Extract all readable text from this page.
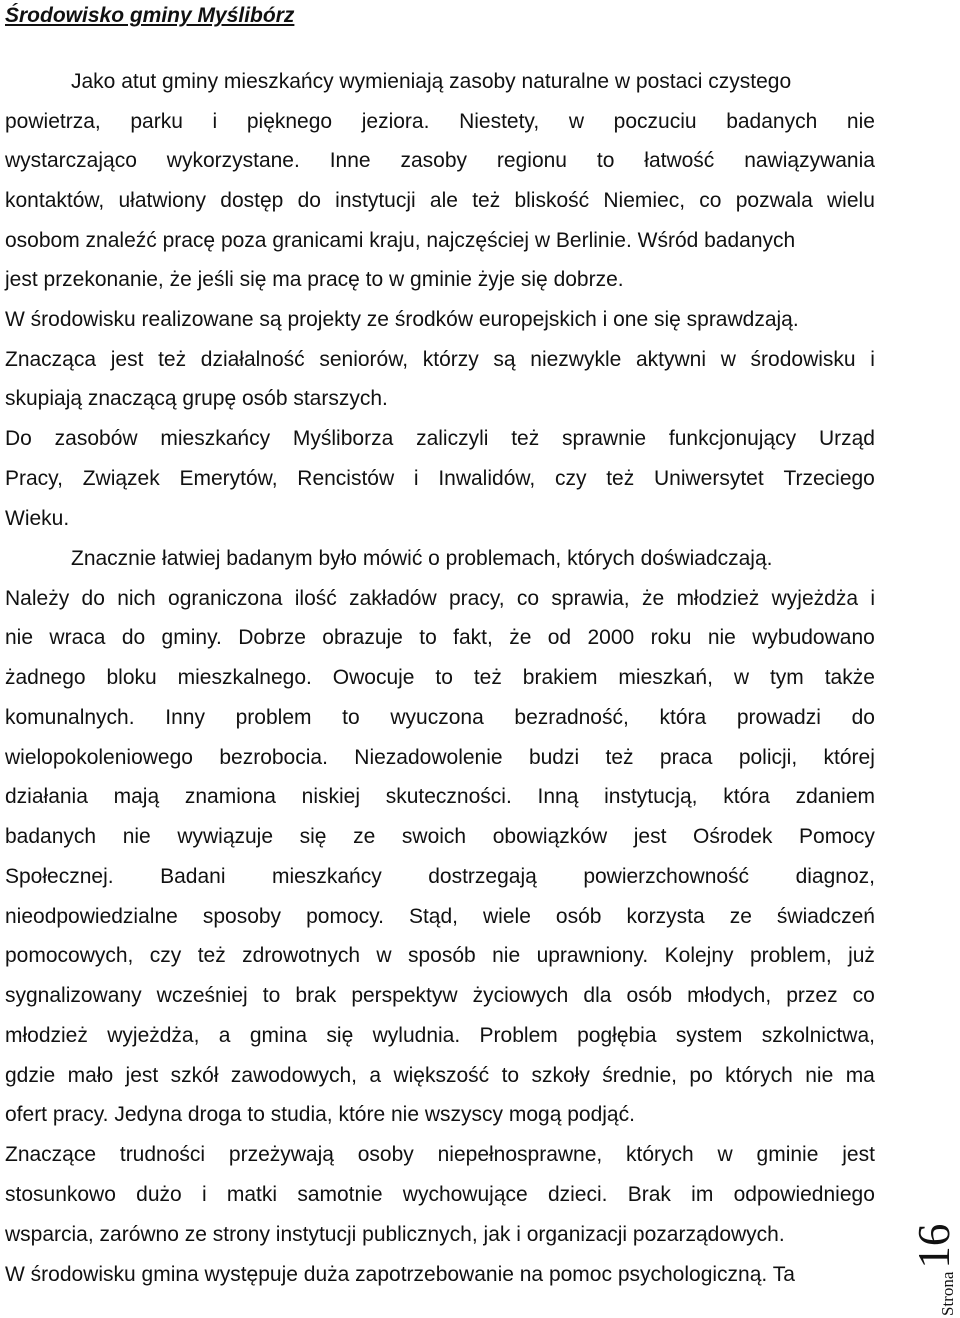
Środowisko gminy Myślibórz
Jako atut gminy mieszkańcy wymieniają zasoby naturalne w postaci czystego
powietrza, parku i pięknego jeziora. Niestety, w poczuciu badanych nie
wystarczająco wykorzystane. Inne zasoby regionu to łatwość nawiązywania
kontaktów, ułatwiony dostęp do instytucji ale też bliskość Niemiec, co pozwala wielu
osobom znaleźć pracę poza granicami kraju, najczęściej w Berlinie. Wśród badanych
jest przekonanie, że jeśli się ma pracę to w gminie żyje się dobrze.
W środowisku realizowane są projekty ze środków europejskich i one się sprawdzają.
Znacząca jest też działalność seniorów, którzy są niezwykle aktywni w środowisku i
skupiają znaczącą grupę osób starszych.
Do zasobów mieszkańcy Myśliborza zaliczyli też sprawnie funkcjonujący Urząd
Pracy, Związek Emerytów, Rencistów i Inwalidów, czy też Uniwersytet Trzeciego
Wieku.
Znacznie łatwiej badanym było mówić o problemach, których doświadczają.
Należy do nich ograniczona ilość zakładów pracy, co sprawia, że młodzież wyjeżdża i
nie wraca do gminy. Dobrze obrazuje to fakt, że od 2000 roku nie wybudowano
żadnego bloku mieszkalnego. Owocuje to też brakiem mieszkań, w tym także
komunalnych. Inny problem to wyuczona bezradność, która prowadzi do
wielopokoleniowego bezrobocia. Niezadowolenie budzi też praca policji, której
działania mają znamiona niskiej skuteczności. Inną instytucją, która zdaniem
badanych nie wywiązuje się ze swoich obowiązków jest Ośrodek Pomocy
Społecznej. Badani mieszkańcy dostrzegają powierzchowność diagnoz,
nieodpowiedzialne sposoby pomocy. Stąd, wiele osób korzysta ze świadczeń
pomocowych, czy też zdrowotnych w sposób nie uprawniony. Kolejny problem, już
sygnalizowany wcześniej to brak perspektyw życiowych dla osób młodych, przez co
młodzież wyjeżdża, a gmina się wyludnia. Problem pogłębia system szkolnictwa,
gdzie mało jest szkół zawodowych, a większość to szkoły średnie, po których nie ma
ofert pracy. Jedyna droga to studia, które nie wszyscy mogą podjąć.
Znaczące trudności przeżywają osoby niepełnosprawne, których w gminie jest
stosunkowo dużo i matki samotnie wychowujące dzieci. Brak im odpowiedniego
wsparcia, zarówno ze strony instytucji publicznych, jak i organizacji pozarządowych.
W środowisku gmina występuje duża zapotrzebowanie na pomoc psychologiczną. Ta	Strona
16
